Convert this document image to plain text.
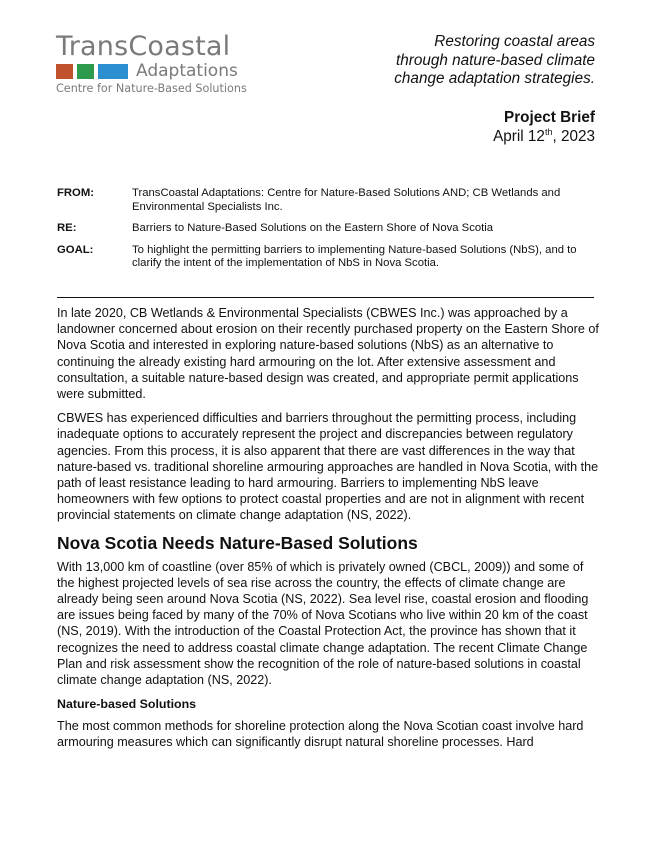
TransCoastal
Adaptations
Centre for Nature-Based Solutions
Restoring coastal areas
through nature-based climate
change adaptation strategies.
Project Brief
April 12th, 2023
FROM:	TransCoastal Adaptations: Centre for Nature-Based Solutions AND; CB Wetlands and Environmental Specialists Inc.
RE:	Barriers to Nature-Based Solutions on the Eastern Shore of Nova Scotia
GOAL:	To highlight the permitting barriers to implementing Nature-based Solutions (NbS), and to clarify the intent of the implementation of NbS in Nova Scotia.

In late 2020, CB Wetlands & Environmental Specialists (CBWES Inc.) was approached by a landowner concerned about erosion on their recently purchased property on the Eastern Shore of Nova Scotia and interested in exploring nature-based solutions (NbS) as an alternative to continuing the already existing hard armouring on the lot. After extensive assessment and consultation, a suitable nature-based design was created, and appropriate permit applications were submitted.

CBWES has experienced difficulties and barriers throughout the permitting process, including inadequate options to accurately represent the project and discrepancies between regulatory agencies. From this process, it is also apparent that there are vast differences in the way that nature-based vs. traditional shoreline armouring approaches are handled in Nova Scotia, with the path of least resistance leading to hard armouring. Barriers to implementing NbS leave homeowners with few options to protect coastal properties and are not in alignment with recent provincial statements on climate change adaptation (NS, 2022).

Nova Scotia Needs Nature-Based Solutions

With 13,000 km of coastline (over 85% of which is privately owned (CBCL, 2009)) and some of the highest projected levels of sea rise across the country, the effects of climate change are already being seen around Nova Scotia (NS, 2022). Sea level rise, coastal erosion and flooding are issues being faced by many of the 70% of Nova Scotians who live within 20 km of the coast (NS, 2019). With the introduction of the Coastal Protection Act, the province has shown that it recognizes the need to address coastal climate change adaptation. The recent Climate Change Plan and risk assessment show the recognition of the role of nature-based solutions in coastal climate change adaptation (NS, 2022).

Nature-based Solutions

The most common methods for shoreline protection along the Nova Scotian coast involve hard armouring measures which can significantly disrupt natural shoreline processes. Hard
